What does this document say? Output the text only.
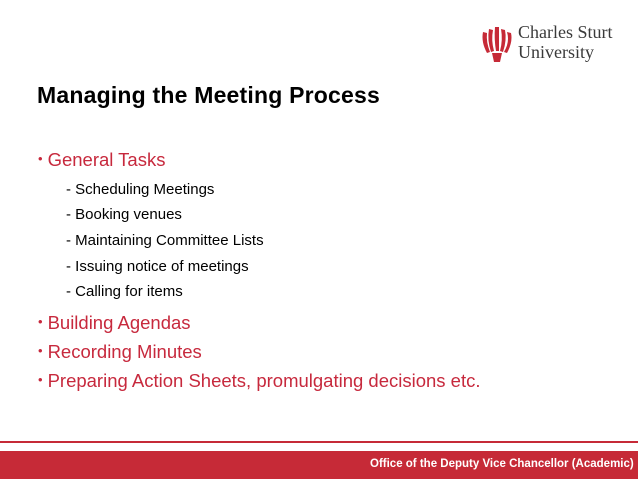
Charles Sturt
University
Managing the Meeting Process
• General Tasks
- Scheduling Meetings
- Booking venues
- Maintaining Committee Lists
- Issuing notice of meetings
- Calling for items
• Building Agendas
• Recording Minutes
• Preparing Action Sheets, promulgating decisions etc.
Office of the Deputy Vice Chancellor (Academic)
